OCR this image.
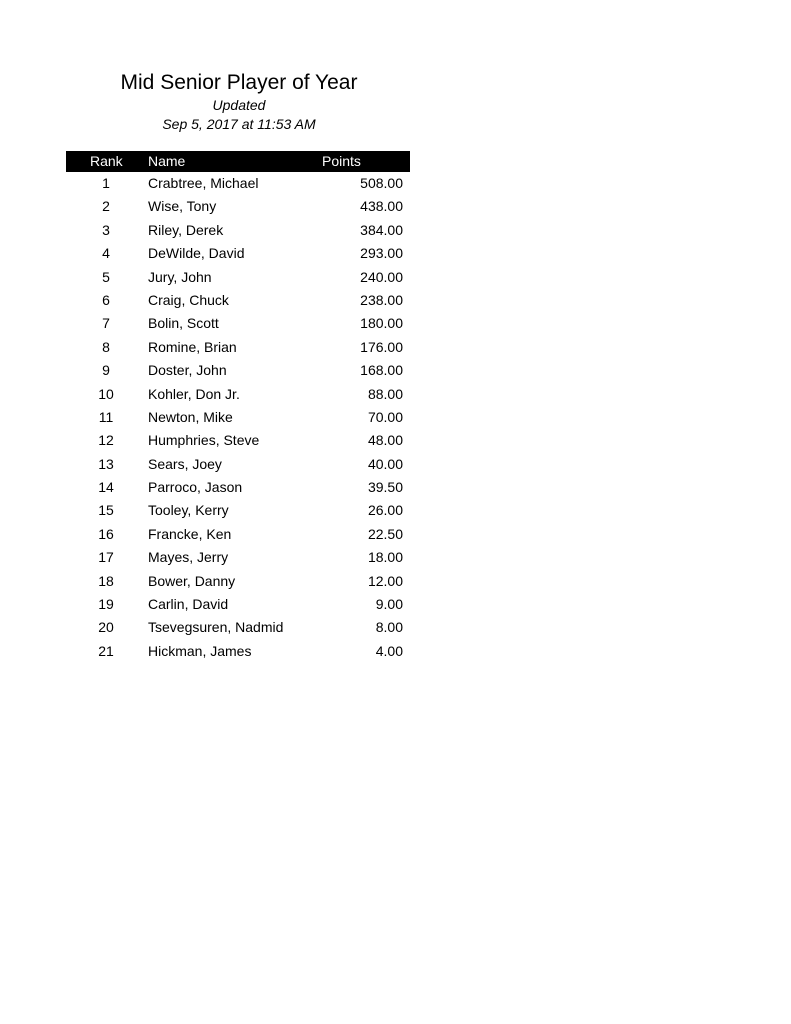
Mid Senior Player of Year
Updated
Sep 5, 2017 at 11:53 AM
Rank Name	Points
1	Crabtree, Michael	508.00
2	Wise, Tony	438.00
3	Riley, Derek	384.00
4	DeWilde, David	293.00
5	Jury, John	240.00
6	Craig, Chuck	238.00
7	Bolin, Scott	180.00
8	Romine, Brian	176.00
9	Doster, John	168.00
10	Kohler, Don Jr.	88.00
11	Newton, Mike	70.00
12	Humphries, Steve	48.00
13	Sears, Joey	40.00
14	Parroco, Jason	39.50
15	Tooley, Kerry	26.00
16	Francke, Ken	22.50
17	Mayes, Jerry	18.00
18	Bower, Danny	12.00
19	Carlin, David	9.00
20	Tsevegsuren, Nadmid	8.00
21	Hickman, James	4.00
